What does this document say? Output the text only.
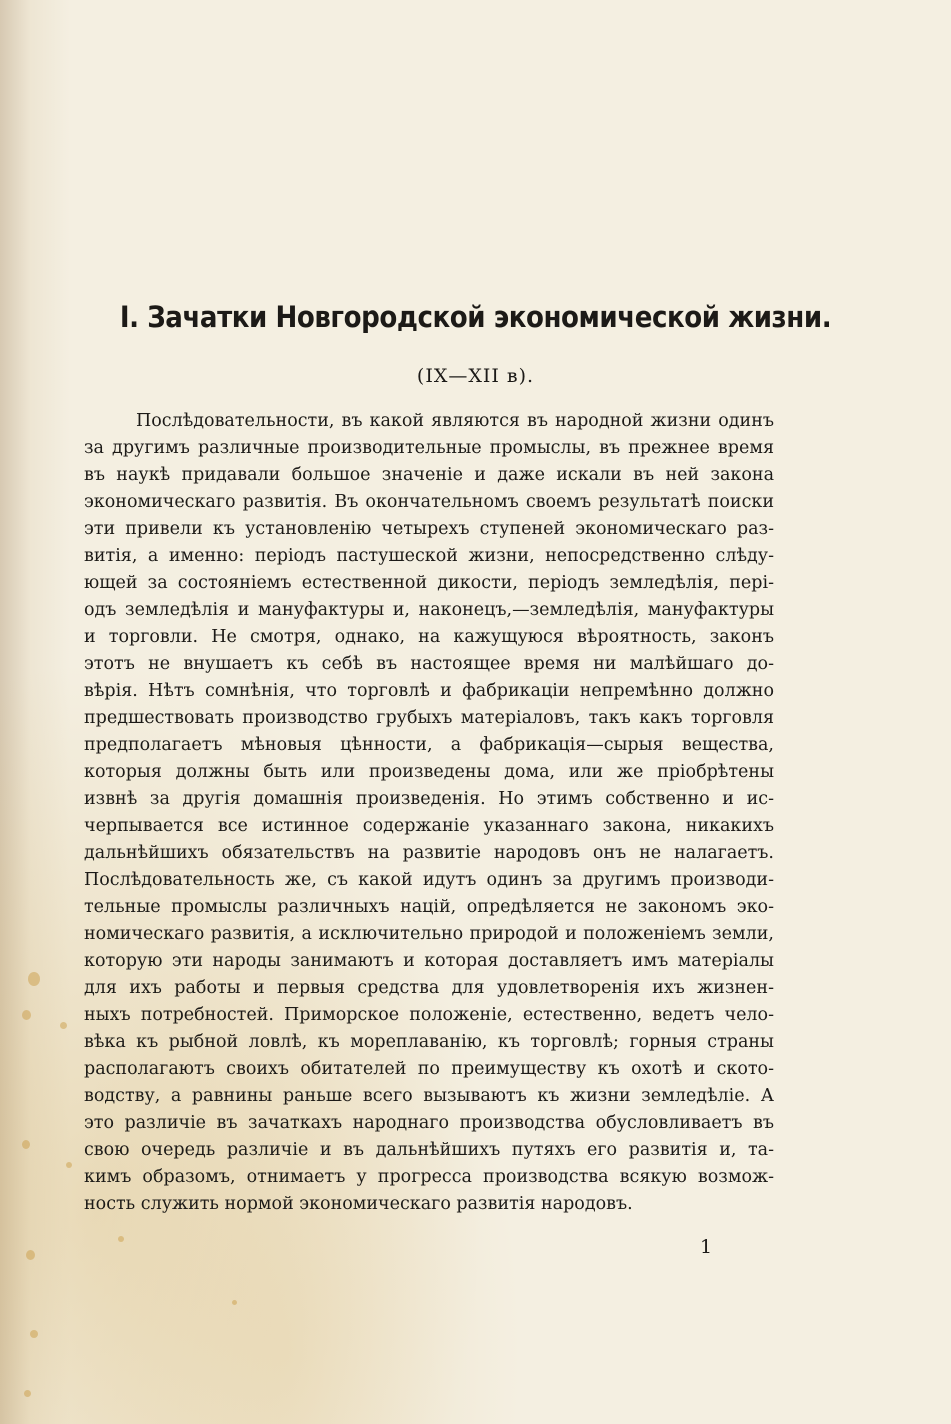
I. Зачатки Новгородской экономической жизни.

(IX—XII в).

Послѣдовательности, въ какой являются въ народной жизни одинъ
за другимъ различные производительные промыслы, въ прежнее время
въ наукѣ придавали большое значеніе и даже искали въ ней закона
экономическаго развитія. Въ окончательномъ своемъ результатѣ поиски
эти привели къ установленію четырехъ ступеней экономическаго раз-
витія, а именно: періодъ пастушеской жизни, непосредственно слѣду-
ющей за состояніемъ естественной дикости, періодъ земледѣлія, пері-
одъ земледѣлія и мануфактуры и, наконецъ,—земледѣлія, мануфактуры
и торговли. Не смотря, однако, на кажущуюся вѣроятность, законъ
этотъ не внушаетъ къ себѣ въ настоящее время ни малѣйшаго до-
вѣрія. Нѣтъ сомнѣнія, что торговлѣ и фабрикаціи непремѣнно должно
предшествовать производство грубыхъ матеріаловъ, такъ какъ торговля
предполагаетъ мѣновыя цѣнности, а фабрикація—сырыя вещества,
которыя должны быть или произведены дома, или же пріобрѣтены
извнѣ за другія домашнія произведенія. Но этимъ собственно и ис-
черпывается все истинное содержаніе указаннаго закона, никакихъ
дальнѣйшихъ обязательствъ на развитіе народовъ онъ не налагаетъ.
Послѣдовательность же, съ какой идутъ одинъ за другимъ производи-
тельные промыслы различныхъ націй, опредѣляется не закономъ эко-
номическаго развитія, а исключительно природой и положеніемъ земли,
которую эти народы занимаютъ и которая доставляетъ имъ матеріалы
для ихъ работы и первыя средства для удовлетворенія ихъ жизнен-
ныхъ потребностей. Приморское положеніе, естественно, ведетъ чело-
вѣка къ рыбной ловлѣ, къ мореплаванію, къ торговлѣ; горныя страны
располагаютъ своихъ обитателей по преимуществу къ охотѣ и ското-
водству, а равнины раньше всего вызываютъ къ жизни земледѣліе. А
это различіе въ зачаткахъ народнаго производства обусловливаетъ въ
свою очередь различіе и въ дальнѣйшихъ путяхъ его развитія и, та-
кимъ образомъ, отнимаетъ у прогресса производства всякую возмож-
ность служить нормой экономическаго развитія народовъ.

1
